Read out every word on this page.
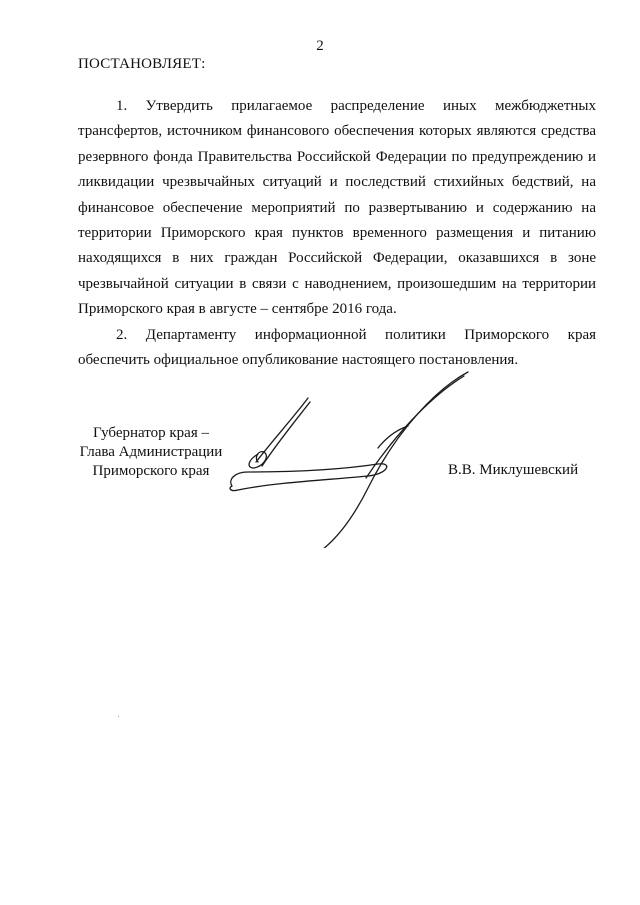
2
ПОСТАНОВЛЯЕТ:
1. Утвердить прилагаемое распределение иных межбюджетных трансфертов, источником финансового обеспечения которых являются средства резервного фонда Правительства Российской Федерации по предупреждению и ликвидации чрезвычайных ситуаций и последствий стихийных бедствий, на финансовое обеспечение мероприятий по развертыванию и содержанию на территории Приморского края пунктов временного размещения и питанию находящихся в них граждан Российской Федерации, оказавшихся в зоне чрезвычайной ситуации в связи с наводнением, произошедшим на территории Приморского края в августе – сентябре 2016 года.
2. Департаменту информационной политики Приморского края обеспечить официальное опубликование настоящего постановления.
Губернатор края –
Глава Администрации
Приморского края	В.В. Миклушевский
